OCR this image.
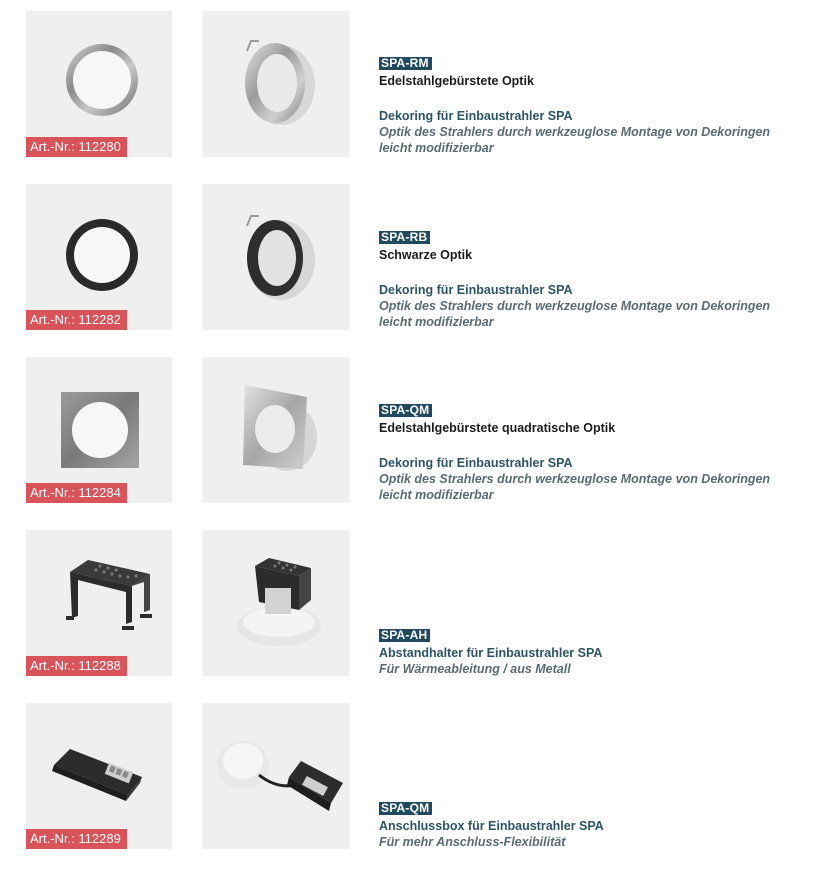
Art.-Nr.: 112280
SPA-RM
Edelstahlgebürstete Optik
Dekoring für Einbaustrahler SPA
Optik des Strahlers durch werkzeuglose Montage von Dekoringen
leicht modifizierbar
Art.-Nr.: 112282
SPA-RB
Schwarze Optik
Dekoring für Einbaustrahler SPA
Optik des Strahlers durch werkzeuglose Montage von Dekoringen
leicht modifizierbar
Art.-Nr.: 112284
SPA-QM
Edelstahlgebürstete quadratische Optik
Dekoring für Einbaustrahler SPA
Optik des Strahlers durch werkzeuglose Montage von Dekoringen
leicht modifizierbar
Art.-Nr.: 112288
SPA-AH
Abstandhalter für Einbaustrahler SPA
Für Wärmeableitung / aus Metall
Art.-Nr.: 112289
SPA-QM
Anschlussbox für Einbaustrahler SPA
Für mehr Anschluss-Flexibilität
